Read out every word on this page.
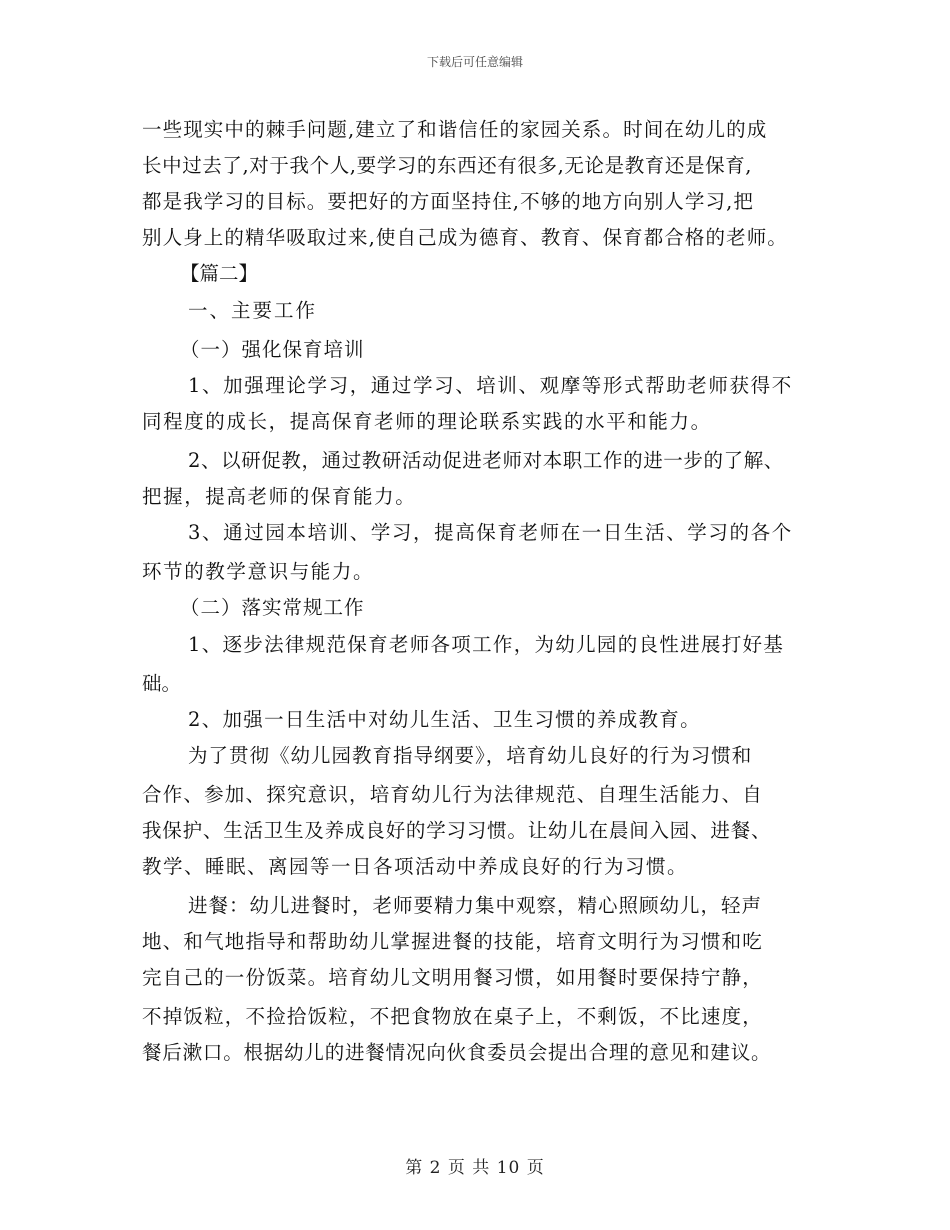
下载后可任意编辑
一些现实中的棘手问题,建立了和谐信任的家园关系。时间在幼儿的成
长中过去了,对于我个人,要学习的东西还有很多,无论是教育还是保育,
都是我学习的目标。要把好的方面坚持住,不够的地方向别人学习,把
别人身上的精华吸取过来,使自己成为德育、教育、保育都合格的老师。
【篇二】
一、主要工作
（一）强化保育培训
1、加强理论学习，通过学习、培训、观摩等形式帮助老师获得不
同程度的成长，提高保育老师的理论联系实践的水平和能力。
2、以研促教，通过教研活动促进老师对本职工作的进一步的了解、
把握，提高老师的保育能力。
3、通过园本培训、学习，提高保育老师在一日生活、学习的各个
环节的教学意识与能力。
（二）落实常规工作
1、逐步法律规范保育老师各项工作，为幼儿园的良性进展打好基
础。
2、加强一日生活中对幼儿生活、卫生习惯的养成教育。
为了贯彻《幼儿园教育指导纲要》，培育幼儿良好的行为习惯和
合作、参加、探究意识，培育幼儿行为法律规范、自理生活能力、自
我保护、生活卫生及养成良好的学习习惯。让幼儿在晨间入园、进餐、
教学、睡眠、离园等一日各项活动中养成良好的行为习惯。
进餐：幼儿进餐时，老师要精力集中观察，精心照顾幼儿，轻声
地、和气地指导和帮助幼儿掌握进餐的技能，培育文明行为习惯和吃
完自己的一份饭菜。培育幼儿文明用餐习惯，如用餐时要保持宁静，
不掉饭粒，不捡拾饭粒，不把食物放在桌子上，不剩饭，不比速度，
餐后漱口。根据幼儿的进餐情况向伙食委员会提出合理的意见和建议。
第 2 页 共 10 页
